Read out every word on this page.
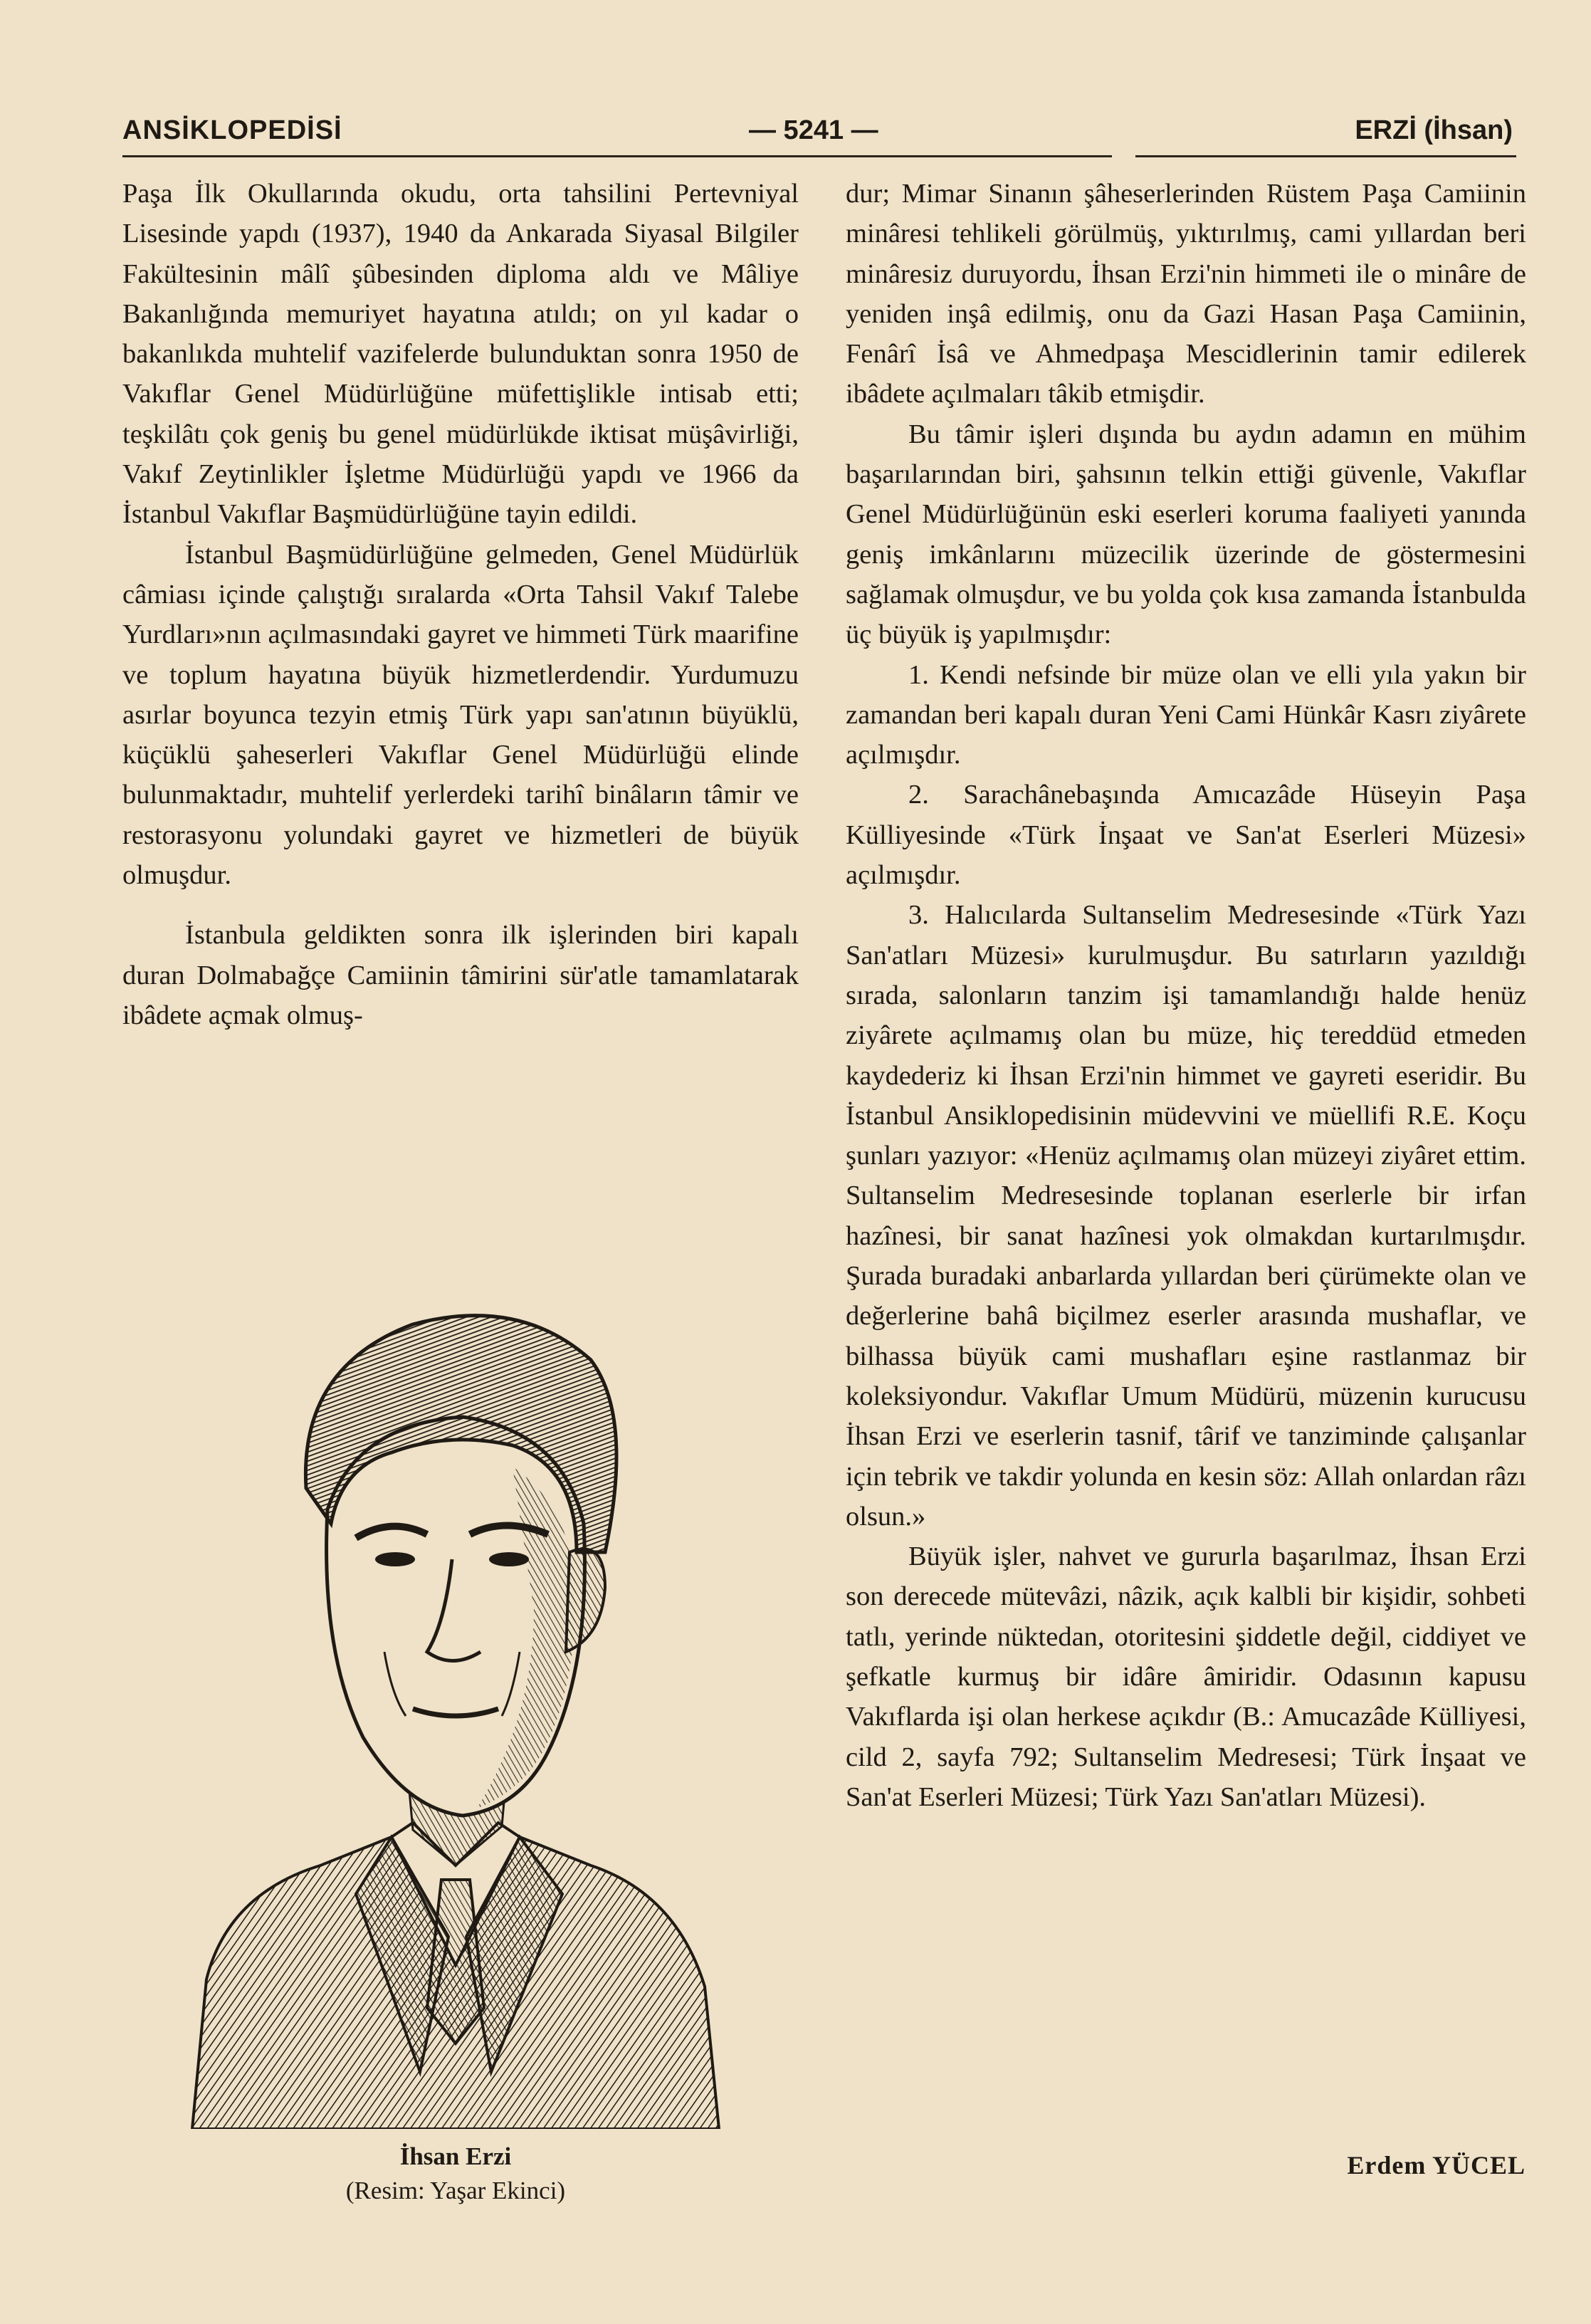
ANSİKLOPEDİSİ	— 5241 —	ERZİ (İhsan)

Paşa İlk Okullarında okudu, orta tahsilini Pertevniyal Lisesinde yapdı (1937), 1940 da Ankarada Siyasal Bilgiler Fakültesinin mâlî şûbesinden diploma aldı ve Mâliye Bakanlığında memuriyet hayatına atıldı; on yıl kadar o bakanlıkda muhtelif vazifelerde bulunduktan sonra 1950 de Vakıflar Genel Müdürlüğüne müfettişlikle intisab etti; teşkilâtı çok geniş bu genel müdürlükde iktisat müşâvirliği, Vakıf Zeytinlikler İşletme Müdürlüğü yapdı ve 1966 da İstanbul Vakıflar Başmüdürlüğüne tayin edildi.

İstanbul Başmüdürlüğüne gelmeden, Genel Müdürlük câmiası içinde çalıştığı sıralarda «Orta Tahsil Vakıf Talebe Yurdları»nın açılmasındaki gayret ve himmeti Türk maarifine ve toplum hayatına büyük hizmetlerdendir. Yurdumuzu asırlar boyunca tezyin etmiş Türk yapı san'atının büyüklü, küçüklü şaheserleri Vakıflar Genel Müdürlüğü elinde bulunmaktadır, muhtelif yerlerdeki tarihî binâların tâmir ve restorasyonu yolundaki gayret ve hizmetleri de büyük olmuşdur.

İstanbula geldikten sonra ilk işlerinden biri kapalı duran Dolmabağçe Camiinin tâmirini sür'atle tamamlatarak ibâdete açmak olmuş-

İhsan Erzi
(Resim: Yaşar Ekinci)

dur; Mimar Sinanın şâheserlerinden Rüstem Paşa Camiinin minâresi tehlikeli görülmüş, yıktırılmış, cami yıllardan beri minâresiz duruyordu, İhsan Erzi'nin himmeti ile o minâre de yeniden inşâ edilmiş, onu da Gazi Hasan Paşa Camiinin, Fenârî İsâ ve Ahmedpaşa Mescidlerinin tamir edilerek ibâdete açılmaları tâkib etmişdir.

Bu tâmir işleri dışında bu aydın adamın en mühim başarılarından biri, şahsının telkin ettiği güvenle, Vakıflar Genel Müdürlüğünün eski eserleri koruma faaliyeti yanında geniş imkânlarını müzecilik üzerinde de göstermesini sağlamak olmuşdur, ve bu yolda çok kısa zamanda İstanbulda üç büyük iş yapılmışdır:

1. Kendi nefsinde bir müze olan ve elli yıla yakın bir zamandan beri kapalı duran Yeni Cami Hünkâr Kasrı ziyârete açılmışdır.

2. Sarachânebaşında Amıcazâde Hüseyin Paşa Külliyesinde «Türk İnşaat ve San'at Eserleri Müzesi» açılmışdır.

3. Halıcılarda Sultanselim Medresesinde «Türk Yazı San'atları Müzesi» kurulmuşdur. Bu satırların yazıldığı sırada, salonların tanzim işi tamamlandığı halde henüz ziyârete açılmamış olan bu müze, hiç tereddüd etmeden kaydederiz ki İhsan Erzi'nin himmet ve gayreti eseridir. Bu İstanbul Ansiklopedisinin müdevvini ve müellifi R.E. Koçu şunları yazıyor: «Henüz açılmamış olan müzeyi ziyâret ettim. Sultanselim Medresesinde toplanan eserlerle bir irfan hazînesi, bir sanat hazînesi yok olmakdan kurtarılmışdır. Şurada buradaki anbarlarda yıllardan beri çürümekte olan ve değerlerine bahâ biçilmez eserler arasında mushaflar, ve bilhassa büyük cami mushafları eşine rastlanmaz bir koleksiyondur. Vakıflar Umum Müdürü, müzenin kurucusu İhsan Erzi ve eserlerin tasnif, târif ve tanziminde çalışanlar için tebrik ve takdir yolunda en kesin söz: Allah onlardan râzı olsun.»

Büyük işler, nahvet ve gururla başarılmaz, İhsan Erzi son derecede mütevâzi, nâzik, açık kalbli bir kişidir, sohbeti tatlı, yerinde nüktedan, otoritesini şiddetle değil, ciddiyet ve şefkatle kurmuş bir idâre âmiridir. Odasının kapusu Vakıflarda işi olan herkese açıkdır (B.: Amucazâde Külliyesi, cild 2, sayfa 792; Sultanselim Medresesi; Türk İnşaat ve San'at Eserleri Müzesi; Türk Yazı San'atları Müzesi).

Erdem YÜCEL
